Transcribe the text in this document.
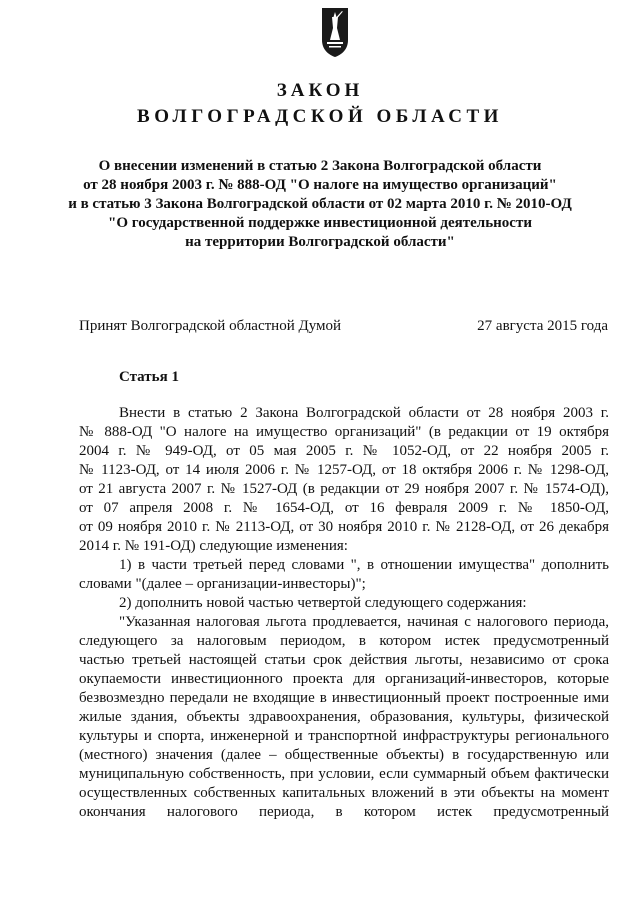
ЗАКОН
ВОЛГОГРАДСКОЙ ОБЛАСТИ
О внесении изменений в статью 2 Закона Волгоградской области
от 28 ноября 2003 г. № 888-ОД "О налоге на имущество организаций"
и в статью 3 Закона Волгоградской области от 02 марта 2010 г. № 2010-ОД
"О государственной поддержке инвестиционной деятельности
на территории Волгоградской области"
Принят Волгоградской областной Думой	27 августа 2015 года
Статья 1
Внести в статью 2 Закона Волгоградской области от 28 ноября 2003 г.
№ 888-ОД "О налоге на имущество организаций" (в редакции от 19 октября
2004 г. № 949-ОД, от 05 мая 2005 г. № 1052-ОД, от 22 ноября 2005 г.
№ 1123-ОД, от 14 июля 2006 г. № 1257-ОД, от 18 октября 2006 г. № 1298-ОД,
от 21 августа 2007 г. № 1527-ОД (в редакции от 29 ноября 2007 г. № 1574-ОД),
от 07 апреля 2008 г. № 1654-ОД, от 16 февраля 2009 г. № 1850-ОД,
от 09 ноября 2010 г. № 2113-ОД, от 30 ноября 2010 г. № 2128-ОД, от 26 декабря
2014 г. № 191-ОД) следующие изменения:
1) в части третьей перед словами ", в отношении имущества" дополнить
словами "(далее – организации-инвесторы)";
2) дополнить новой частью четвертой следующего содержания:
"Указанная налоговая льгота продлевается, начиная с налогового периода,
следующего за налоговым периодом, в котором истек предусмотренный
частью третьей настоящей статьи срок действия льготы, независимо от срока
окупаемости инвестиционного проекта для организаций-инвесторов, которые
безвозмездно передали не входящие в инвестиционный проект построенные ими
жилые здания, объекты здравоохранения, образования, культуры, физической
культуры и спорта, инженерной и транспортной инфраструктуры регионального
(местного) значения (далее – общественные объекты) в государственную или
муниципальную собственность, при условии, если суммарный объем фактически
осуществленных собственных капитальных вложений в эти объекты на момент
окончания налогового периода, в котором истек предусмотренный
